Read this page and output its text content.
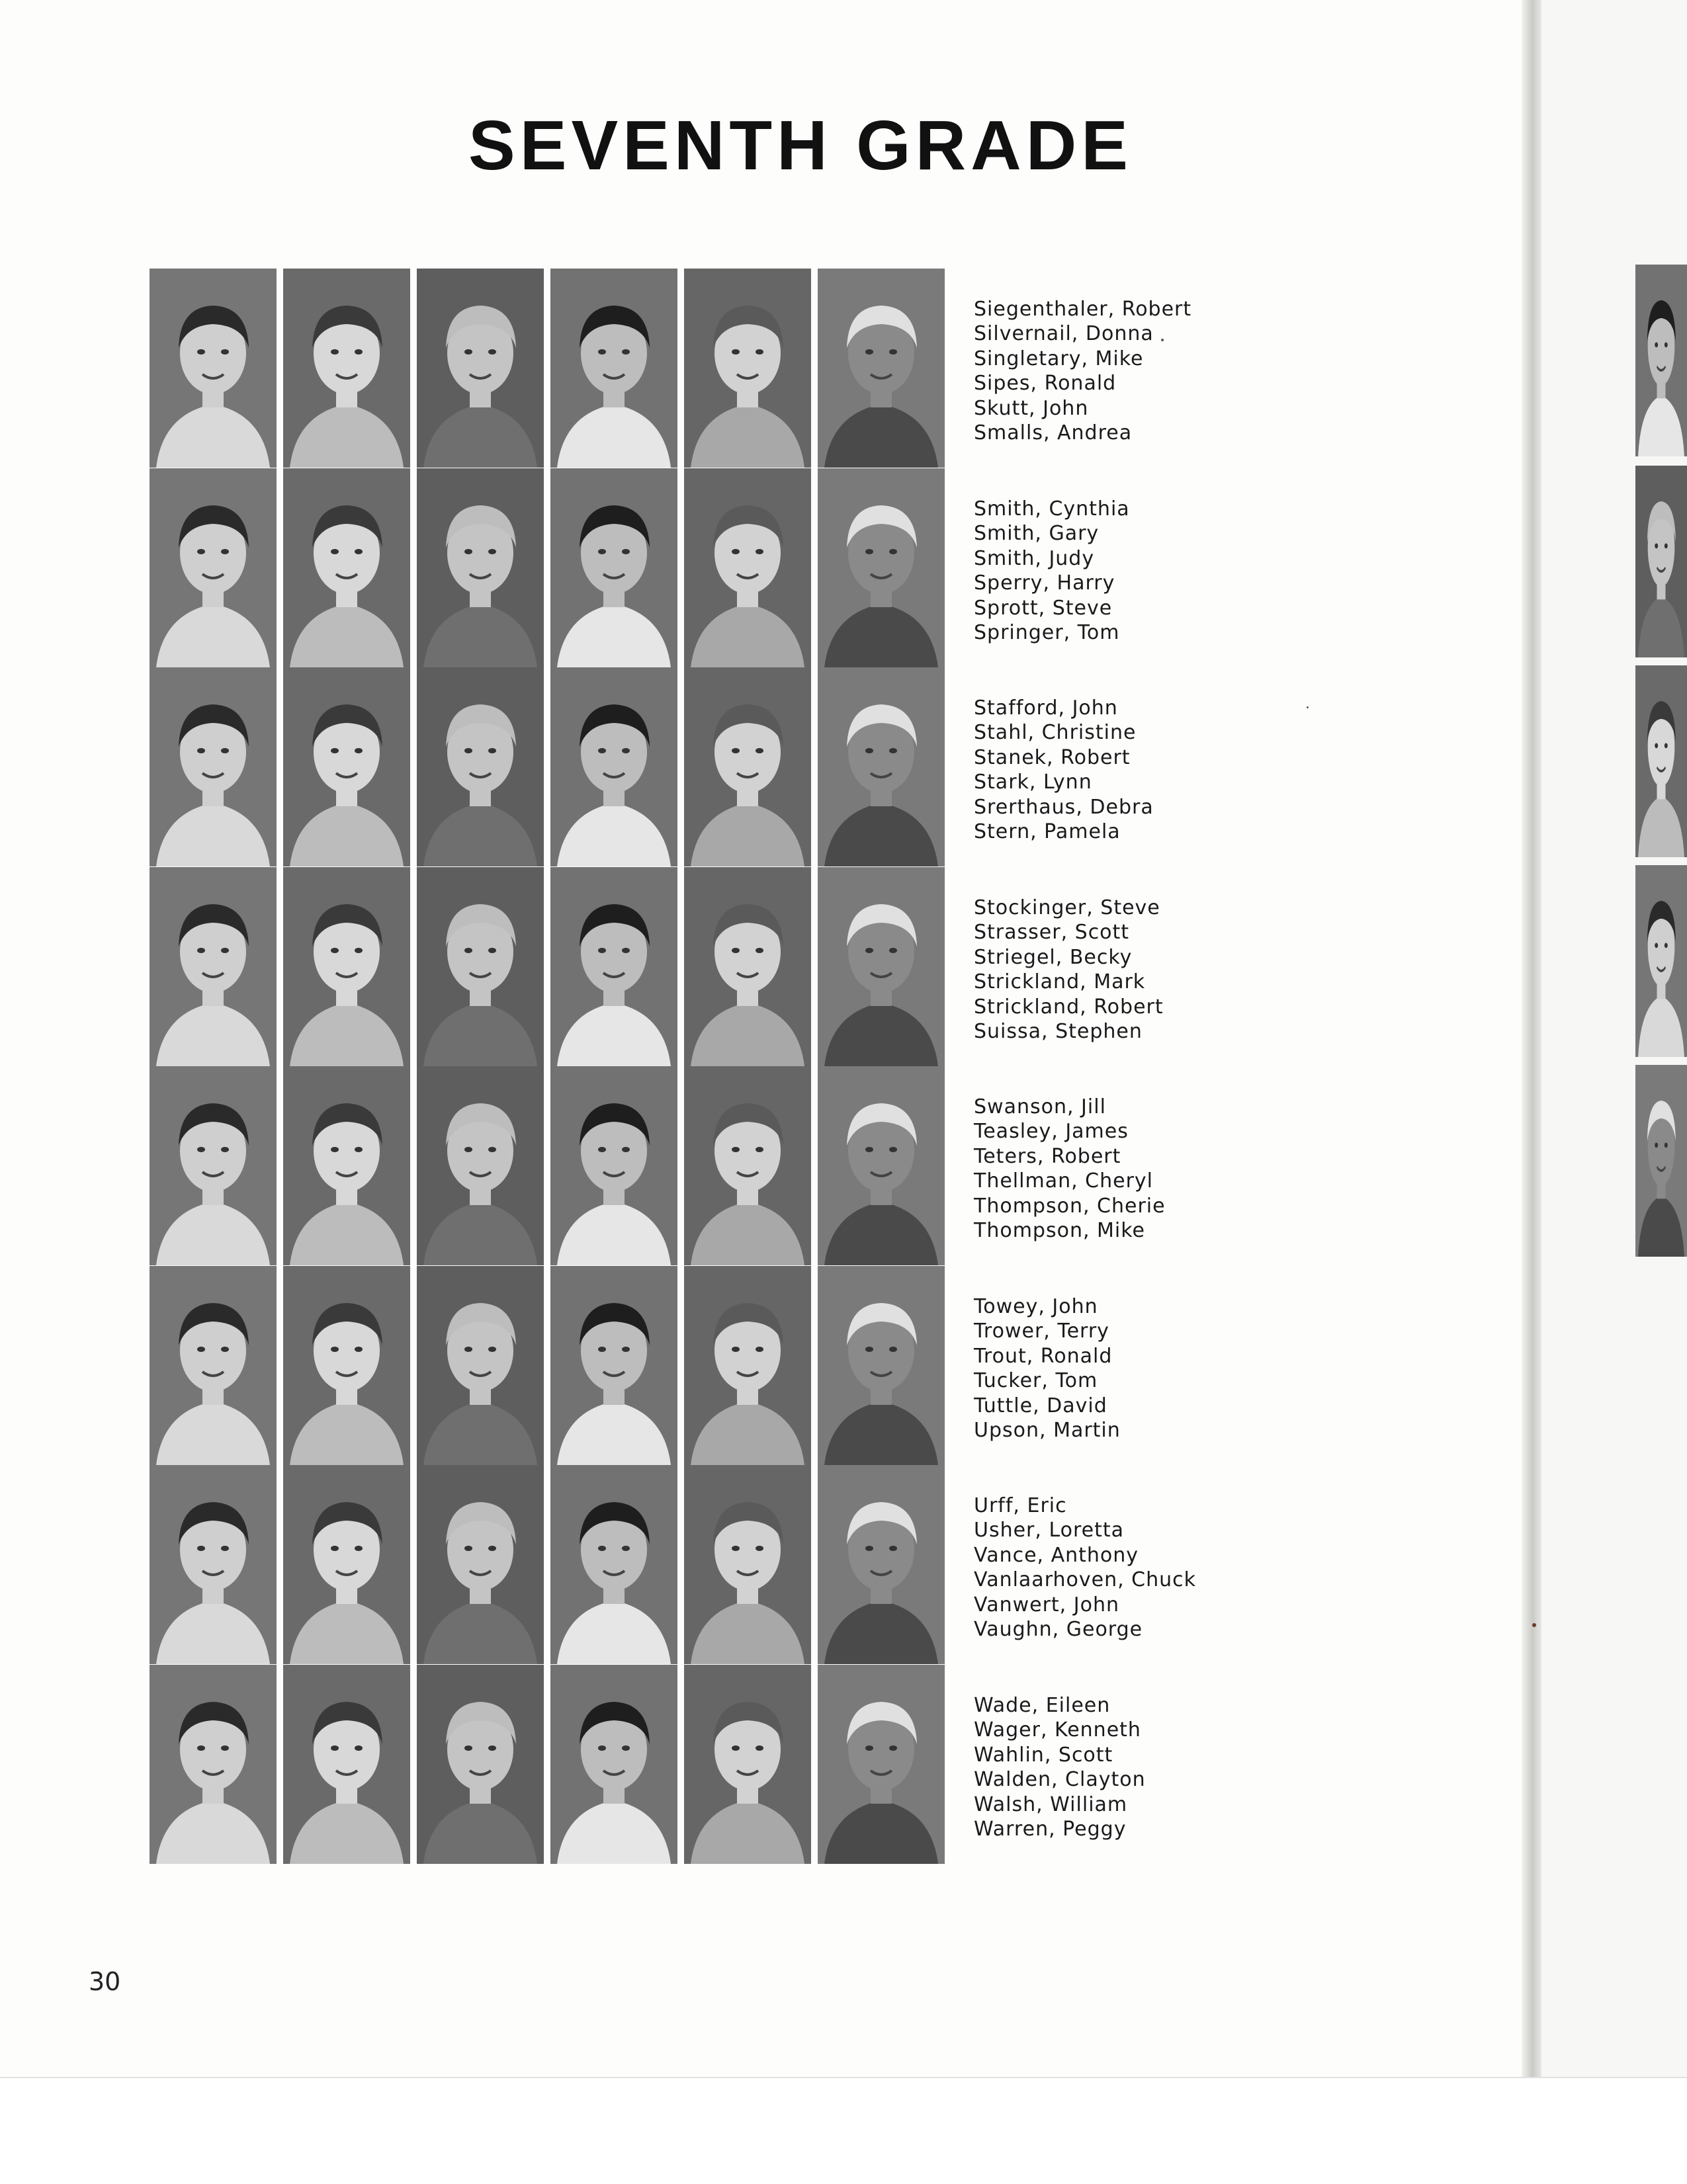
SEVENTH GRADE
Siegenthaler, Robert
Silvernail, Donna
Singletary, Mike
Sipes, Ronald
Skutt, John
Smalls, Andrea
Smith, Cynthia
Smith, Gary
Smith, Judy
Sperry, Harry
Sprott, Steve
Springer, Tom
Stafford, John
Stahl, Christine
Stanek, Robert
Stark, Lynn
Srerthaus, Debra
Stern, Pamela
Stockinger, Steve
Strasser, Scott
Striegel, Becky
Strickland, Mark
Strickland, Robert
Suissa, Stephen
Swanson, Jill
Teasley, James
Teters, Robert
Thellman, Cheryl
Thompson, Cherie
Thompson, Mike
Towey, John
Trower, Terry
Trout, Ronald
Tucker, Tom
Tuttle, David
Upson, Martin
Urff, Eric
Usher, Loretta
Vance, Anthony
Vanlaarhoven, Chuck
Vanwert, John
Vaughn, George
Wade, Eileen
Wager, Kenneth
Wahlin, Scott
Walden, Clayton
Walsh, William
Warren, Peggy
30
